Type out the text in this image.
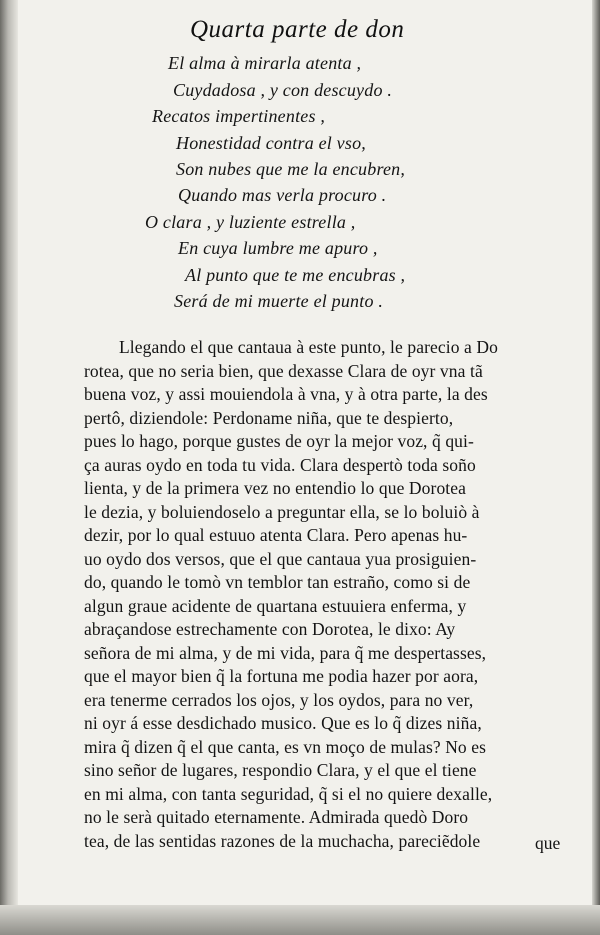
Quarta parte de don
El alma à mirarla atenta ,
Cuydadosa , y con descuydo .
Recatos impertinentes ,
Honestidad contra el vso,
Son nubes que me la encubren,
Quando mas verla procuro .
O clara , y luziente estrella ,
En cuya lumbre me apuro ,
Al punto que te me encubras ,
Será de mi muerte el punto .
Llegando el que cantaua à este punto, le parecio a Do
rotea, que no seria bien, que dexasse Clara de oyr vna tã
buena voz, y assi mouiendola à vna, y à otra parte, la des
pertô, diziendole: Perdoname niña, que te despierto,
pues lo hago, porque gustes de oyr la mejor voz, q̃ qui-
ça auras oydo en toda tu vida. Clara despertò toda soño
lienta, y de la primera vez no entendio lo que Dorotea
le dezia, y boluiendoselo a preguntar ella, se lo boluiò à
dezir, por lo qual estuuo atenta Clara. Pero apenas hu-
uo oydo dos versos, que el que cantaua yua prosiguien-
do, quando le tomò vn temblor tan estraño, como si de
algun graue acidente de quartana estuuiera enferma, y
abraçandose estrechamente con Dorotea, le dixo: Ay
señora de mi alma, y de mi vida, para q̃ me despertasses,
que el mayor bien q̃ la fortuna me podia hazer por aora,
era tenerme cerrados los ojos, y los oydos, para no ver,
ni oyr á esse desdichado musico. Que es lo q̃ dizes niña,
mira q̃ dizen q̃ el que canta, es vn moço de mulas? No es
sino señor de lugares, respondio Clara, y el que el tiene
en mi alma, con tanta seguridad, q̃ si el no quiere dexalle,
no le serà quitado eternamente. Admirada quedò Doro
tea, de las sentidas razones de la muchacha, pareciẽdole	que
